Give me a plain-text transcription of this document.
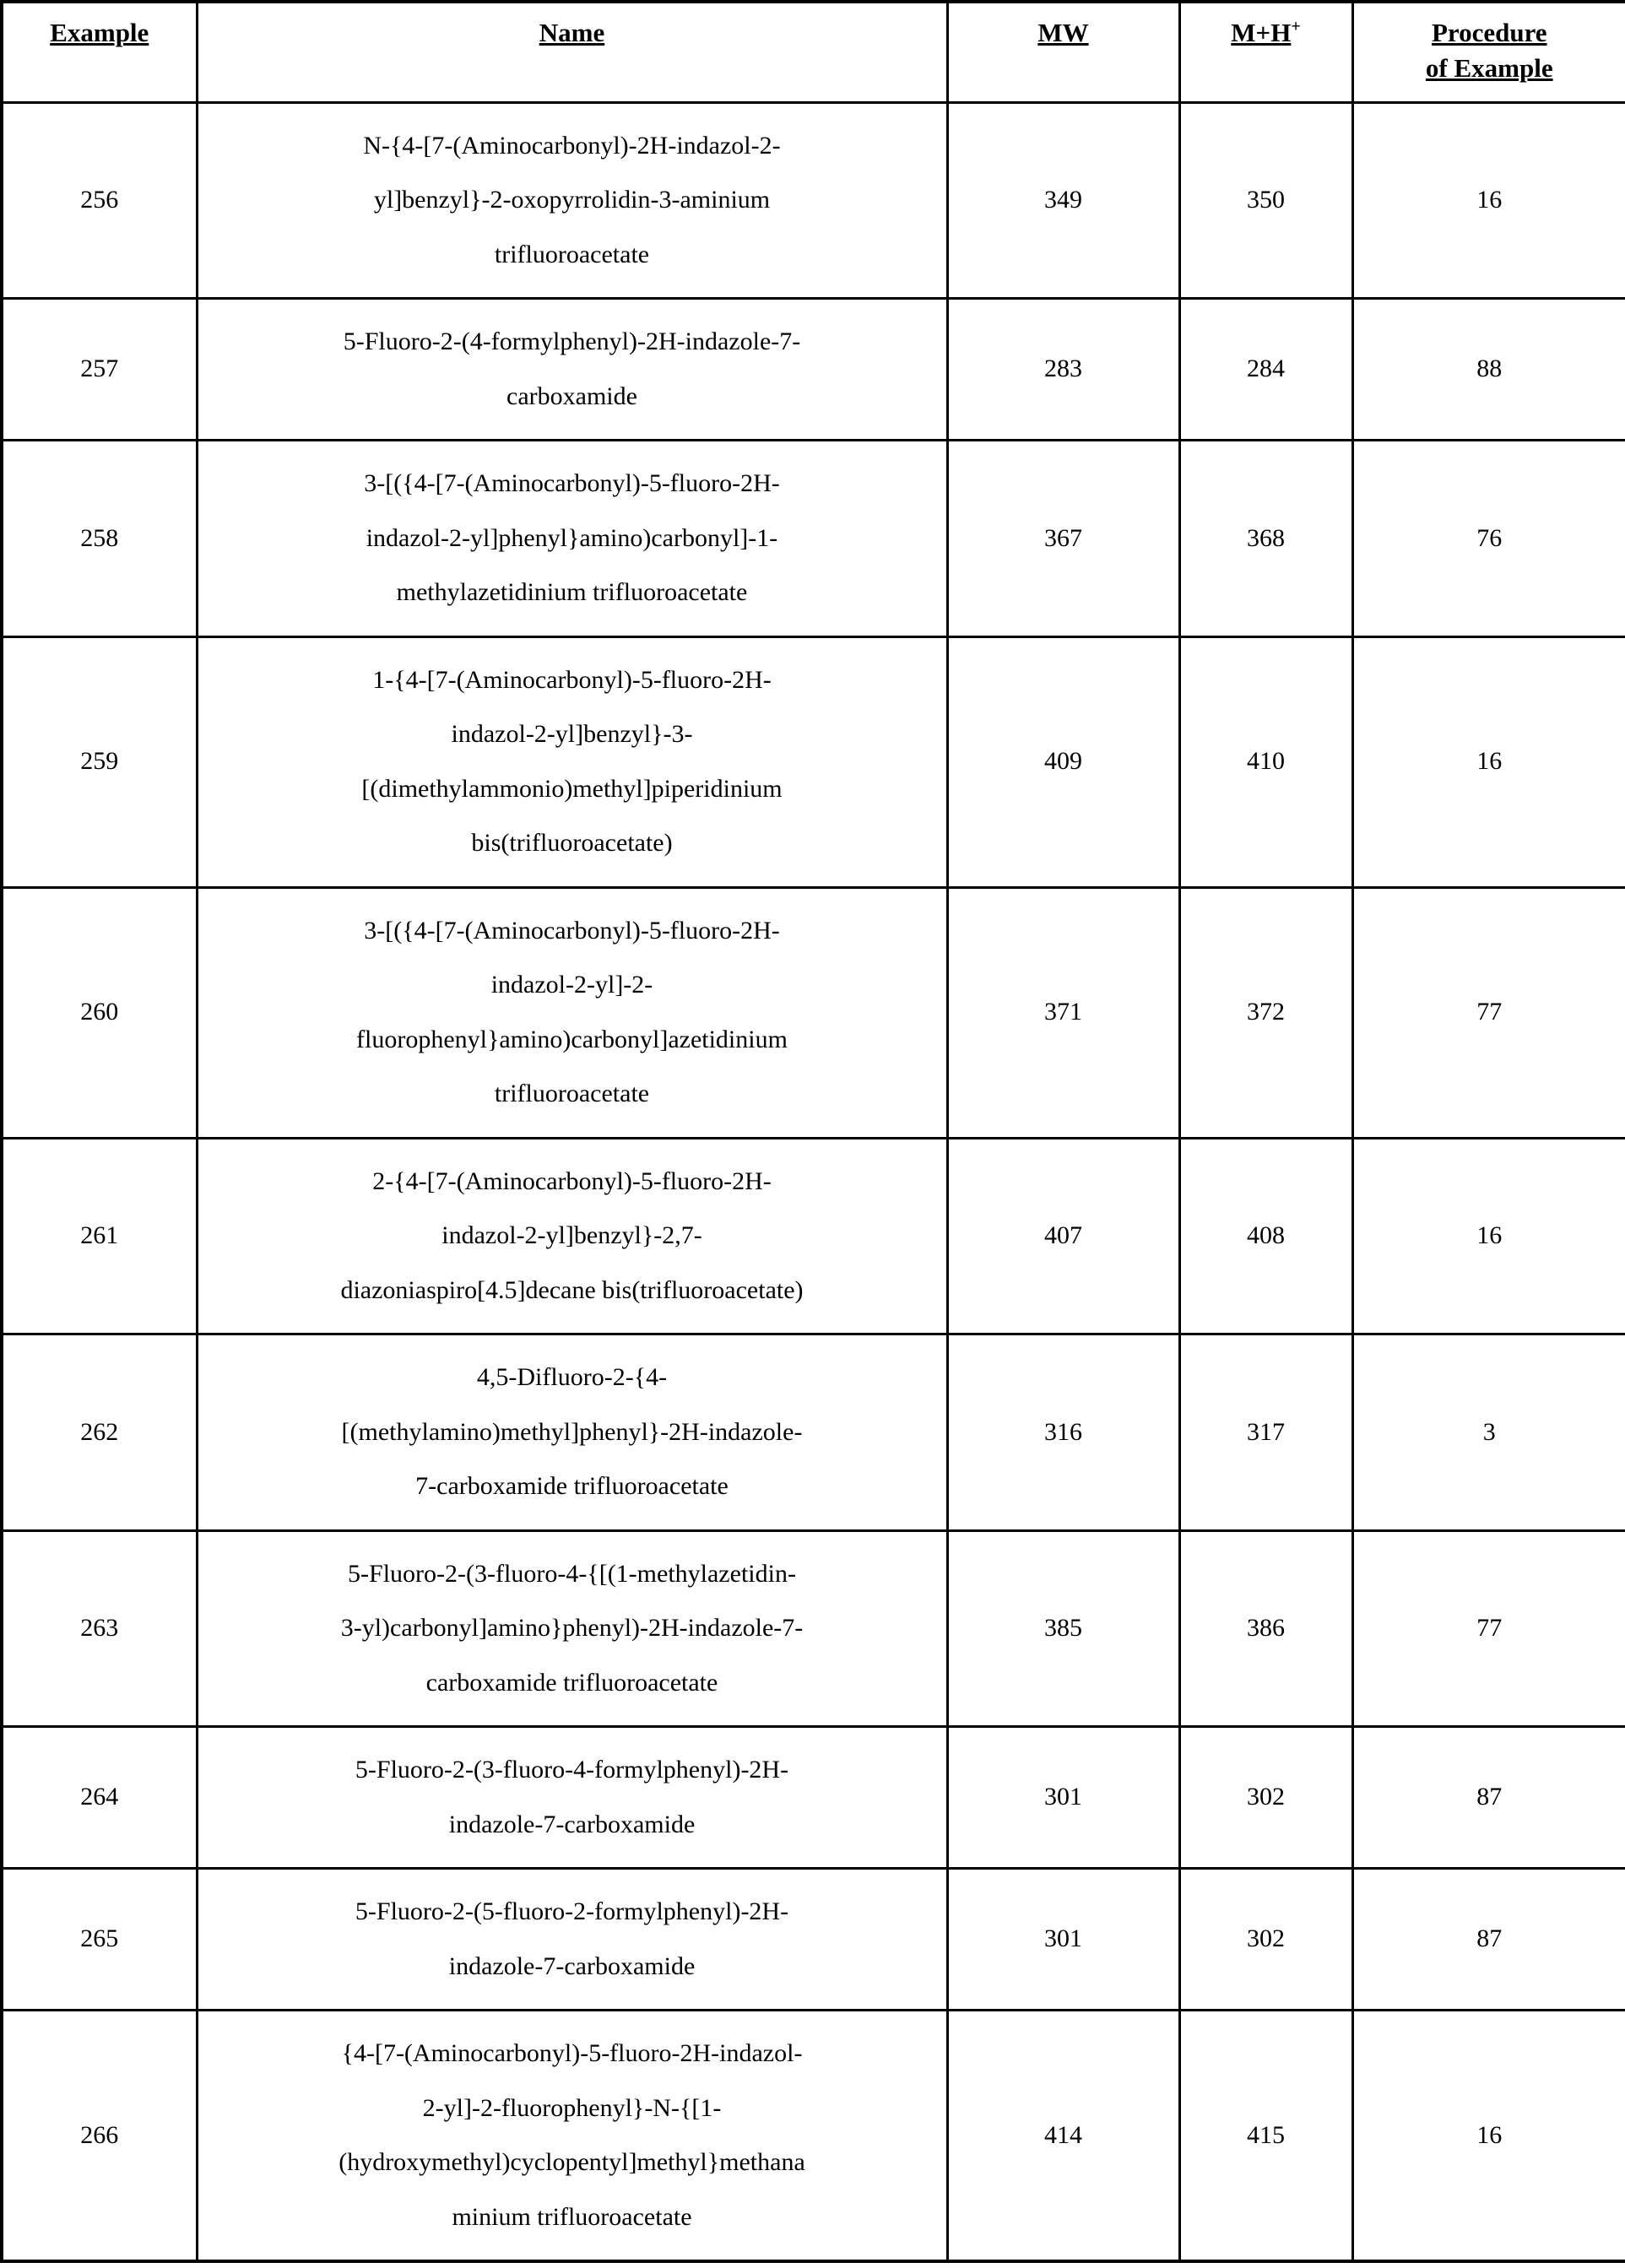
Example	Name	MW	M+H+	Procedure
of Example
256	N-{4-[7-(Aminocarbonyl)-2H-indazol-2-
yl]benzyl}-2-oxopyrrolidin-3-aminium
trifluoroacetate	349	350	16
257	5-Fluoro-2-(4-formylphenyl)-2H-indazole-7-
carboxamide	283	284	88
258	3-[({4-[7-(Aminocarbonyl)-5-fluoro-2H-
indazol-2-yl]phenyl}amino)carbonyl]-1-
methylazetidinium trifluoroacetate	367	368	76
259	1-{4-[7-(Aminocarbonyl)-5-fluoro-2H-
indazol-2-yl]benzyl}-3-
[(dimethylammonio)methyl]piperidinium
bis(trifluoroacetate)	409	410	16
260	3-[({4-[7-(Aminocarbonyl)-5-fluoro-2H-
indazol-2-yl]-2-
fluorophenyl}amino)carbonyl]azetidinium
trifluoroacetate	371	372	77
261	2-{4-[7-(Aminocarbonyl)-5-fluoro-2H-
indazol-2-yl]benzyl}-2,7-
diazoniaspiro[4.5]decane bis(trifluoroacetate)	407	408	16
262	4,5-Difluoro-2-{4-
[(methylamino)methyl]phenyl}-2H-indazole-
7-carboxamide trifluoroacetate	316	317	3
263	5-Fluoro-2-(3-fluoro-4-{[(1-methylazetidin-
3-yl)carbonyl]amino}phenyl)-2H-indazole-7-
carboxamide trifluoroacetate	385	386	77
264	5-Fluoro-2-(3-fluoro-4-formylphenyl)-2H-
indazole-7-carboxamide	301	302	87
265	5-Fluoro-2-(5-fluoro-2-formylphenyl)-2H-
indazole-7-carboxamide	301	302	87
266	{4-[7-(Aminocarbonyl)-5-fluoro-2H-indazol-
2-yl]-2-fluorophenyl}-N-{[1-
(hydroxymethyl)cyclopentyl]methyl}methana
minium trifluoroacetate	414	415	16
